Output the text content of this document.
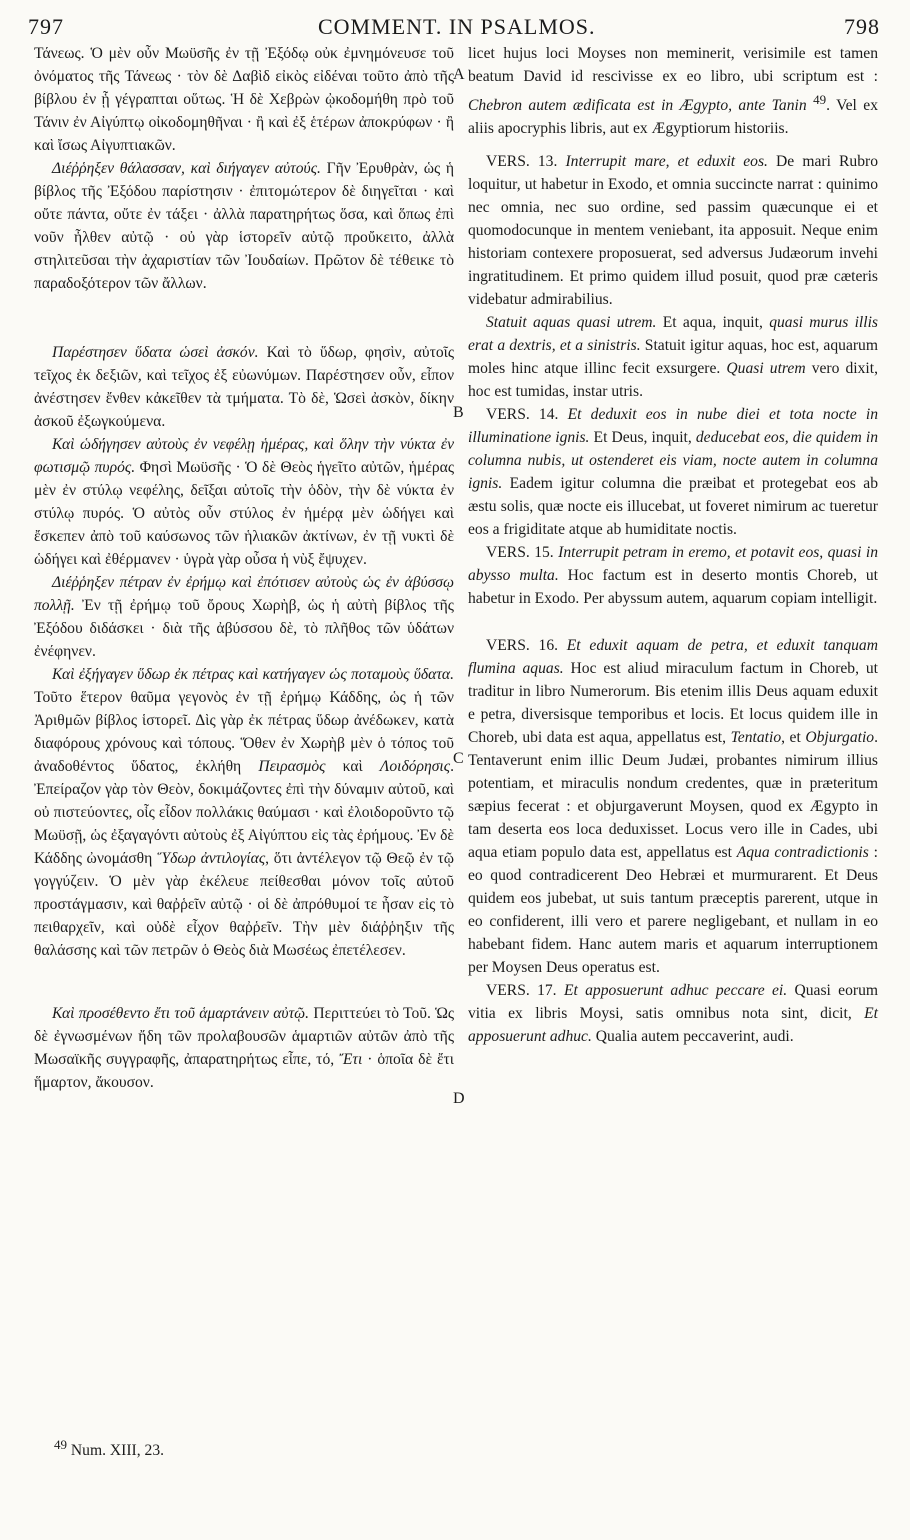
797	COMMENT. IN PSALMOS.	798
A
B
C
D

Τάνεως. Ὁ μὲν οὖν Μωϋσῆς ἐν τῇ Ἐξόδῳ οὐκ ἐμνημόνευσε τοῦ ὀνόματος τῆς Τάνεως · τὸν δὲ Δαβὶδ εἰκὸς εἰδέναι τοῦτο ἀπὸ τῆς βίβλου ἐν ᾗ γέγραπται οὕτως. Ἡ δὲ Χεβρὼν ᾠκοδομήθη πρὸ τοῦ Τάνιν ἐν Αἰγύπτῳ οἰκοδομηθῆναι · ἢ καὶ ἐξ ἑτέρων ἀποκρύφων · ἢ καὶ ἴσως Αἰγυπτιακῶν.

Διέῤῥηξεν θάλασσαν, καὶ διήγαγεν αὐτούς. Γῆν Ἐρυθρὰν, ὡς ἡ βίβλος τῆς Ἐξόδου παρίστησιν · ἐπιτομώτερον δὲ διηγεῖται · καὶ οὔτε πάντα, οὔτε ἐν τάξει · ἀλλὰ παρατηρήτως ὅσα, καὶ ὅπως ἐπὶ νοῦν ἦλθεν αὐτῷ · οὐ γὰρ ἱστορεῖν αὐτῷ προὔκειτο, ἀλλὰ στηλιτεῦσαι τὴν ἀχαριστίαν τῶν Ἰουδαίων. Πρῶτον δὲ τέθεικε τὸ παραδοξότερον τῶν ἄλλων.

Παρέστησεν ὕδατα ὡσεὶ ἀσκόν. Καὶ τὸ ὕδωρ, φησὶν, αὐτοῖς τεῖχος ἐκ δεξιῶν, καὶ τεῖχος ἐξ εὐωνύμων. Παρέστησεν οὖν, εἶπον ἀνέστησεν ἔνθεν κἀκεῖθεν τὰ τμήματα. Τὸ δὲ, Ὡσεὶ ἀσκὸν, δίκην ἀσκοῦ ἐξωγκούμενα.

Καὶ ὡδήγησεν αὐτοὺς ἐν νεφέλῃ ἡμέρας, καὶ ὅλην τὴν νύκτα ἐν φωτισμῷ πυρός. Φησὶ Μωϋσῆς · Ὁ δὲ Θεὸς ἡγεῖτο αὐτῶν, ἡμέρας μὲν ἐν στύλῳ νεφέλης, δεῖξαι αὐτοῖς τὴν ὁδὸν, τὴν δὲ νύκτα ἐν στύλῳ πυρός. Ὁ αὐτὸς οὖν στύλος ἐν ἡμέρᾳ μὲν ὡδήγει καὶ ἔσκεπεν ἀπὸ τοῦ καύσωνος τῶν ἡλιακῶν ἀκτίνων, ἐν τῇ νυκτὶ δὲ ὡδήγει καὶ ἐθέρμανεν · ὑγρὰ γὰρ οὖσα ἡ νὺξ ἔψυχεν.

Διέῤῥηξεν πέτραν ἐν ἐρήμῳ καὶ ἐπότισεν αὐτοὺς ὡς ἐν ἀβύσσῳ πολλῇ. Ἐν τῇ ἐρήμῳ τοῦ ὄρους Χωρὴβ, ὡς ἡ αὐτὴ βίβλος τῆς Ἐξόδου διδάσκει · διὰ τῆς ἀβύσσου δὲ, τὸ πλῆθος τῶν ὑδάτων ἐνέφηνεν.

Καὶ ἐξήγαγεν ὕδωρ ἐκ πέτρας καὶ κατήγαγεν ὡς ποταμοὺς ὕδατα. Τοῦτο ἕτερον θαῦμα γεγονὸς ἐν τῇ ἐρήμῳ Κάδδης, ὡς ἡ τῶν Ἀριθμῶν βίβλος ἱστορεῖ. Δὶς γὰρ ἐκ πέτρας ὕδωρ ἀνέδωκεν, κατὰ διαφόρους χρόνους καὶ τόπους. Ὅθεν ἐν Χωρὴβ μὲν ὁ τόπος τοῦ ἀναδοθέντος ὕδατος, ἐκλήθη Πειρασμὸς καὶ Λοιδόρησις. Ἐπείραζον γὰρ τὸν Θεὸν, δοκιμάζοντες ἐπὶ τὴν δύναμιν αὐτοῦ, καὶ οὐ πιστεύοντες, οἷς εἶδον πολλάκις θαύμασι · καὶ ἐλοιδοροῦντο τῷ Μωϋσῇ, ὡς ἐξαγαγόντι αὐτοὺς ἐξ Αἰγύπτου εἰς τὰς ἐρήμους. Ἐν δὲ Κάδδης ὠνομάσθη Ὕδωρ ἀντιλογίας, ὅτι ἀντέλεγον τῷ Θεῷ ἐν τῷ γογγύζειν. Ὁ μὲν γὰρ ἐκέλευε πείθεσθαι μόνον τοῖς αὐτοῦ προστάγμασιν, καὶ θαῤῥεῖν αὐτῷ · οἱ δὲ ἀπρόθυμοί τε ἦσαν εἰς τὸ πειθαρχεῖν, καὶ οὐδὲ εἶχον θαῤῥεῖν. Τὴν μὲν διάῤῥηξιν τῆς θαλάσσης καὶ τῶν πετρῶν ὁ Θεὸς διὰ Μωσέως ἐπετέλεσεν.

Καὶ προσέθεντο ἔτι τοῦ ἁμαρτάνειν αὐτῷ. Περιττεύει τὸ Τοῦ. Ὡς δὲ ἐγνωσμένων ἤδη τῶν προλαβουσῶν ἁμαρτιῶν αὐτῶν ἀπὸ τῆς Μωσαϊκῆς συγγραφῆς, ἀπαρατηρήτως εἶπε, τό, Ἔτι · ὁποῖα δὲ ἔτι ἥμαρτον, ἄκουσον.

licet hujus loci Moyses non meminerit, verisimile est tamen beatum David id rescivisse ex eo libro, ubi scriptum est : Chebron autem ædificata est in Ægypto, ante Tanin $^{49}$. Vel ex aliis apocryphis libris, aut ex Ægyptiorum historiis.

VERS. 13. Interrupit mare, et eduxit eos. De mari Rubro loquitur, ut habetur in Exodo, et omnia succincte narrat : quinimo nec omnia, nec suo ordine, sed passim quæcunque ei et quomodocunque in mentem veniebant, ita apposuit. Neque enim historiam contexere proposuerat, sed adversus Judæorum invehi ingratitudinem. Et primo quidem illud posuit, quod præ cæteris videbatur admirabilius.

Statuit aquas quasi utrem. Et aqua, inquit, quasi murus illis erat a dextris, et a sinistris. Statuit igitur aquas, hoc est, aquarum moles hinc atque illinc fecit exsurgere. Quasi utrem vero dixit, hoc est tumidas, instar utris.

VERS. 14. Et deduxit eos in nube diei et tota nocte in illuminatione ignis. Et Deus, inquit, deducebat eos, die quidem in columna nubis, ut ostenderet eis viam, nocte autem in columna ignis. Eadem igitur columna die præibat et protegebat eos ab æstu solis, quæ nocte eis illucebat, ut foveret nimirum ac tueretur eos a frigiditate atque ab humiditate noctis.

VERS. 15. Interrupit petram in eremo, et potavit eos, quasi in abysso multa. Hoc factum est in deserto montis Choreb, ut habetur in Exodo. Per abyssum autem, aquarum copiam intelligit.

VERS. 16. Et eduxit aquam de petra, et eduxit tanquam flumina aquas. Hoc est aliud miraculum factum in Choreb, ut traditur in libro Numerorum. Bis etenim illis Deus aquam eduxit e petra, diversisque temporibus et locis. Et locus quidem ille in Choreb, ubi data est aqua, appellatus est, Tentatio, et Objurgatio. Tentaverunt enim illic Deum Judæi, probantes nimirum illius potentiam, et miraculis nondum credentes, quæ in præteritum sæpius fecerat : et objurgaverunt Moysen, quod ex Ægypto in tam deserta eos loca deduxisset. Locus vero ille in Cades, ubi aqua etiam populo data est, appellatus est Aqua contradictionis : eo quod contradicerent Deo Hebræi et murmurarent. Et Deus quidem eos jubebat, ut suis tantum præceptis parerent, utque in eo confiderent, illi vero et parere negligebant, et nullam in eo habebant fidem. Hanc autem maris et aquarum interruptionem per Moysen Deus operatus est.

VERS. 17. Et apposuerunt adhuc peccare ei. Quasi eorum vitia ex libris Moysi, satis omnibus nota sint, dicit, Et apposuerunt adhuc. Qualia autem peccaverint, audi.

$^{49}$ Num. XIII, 23.
